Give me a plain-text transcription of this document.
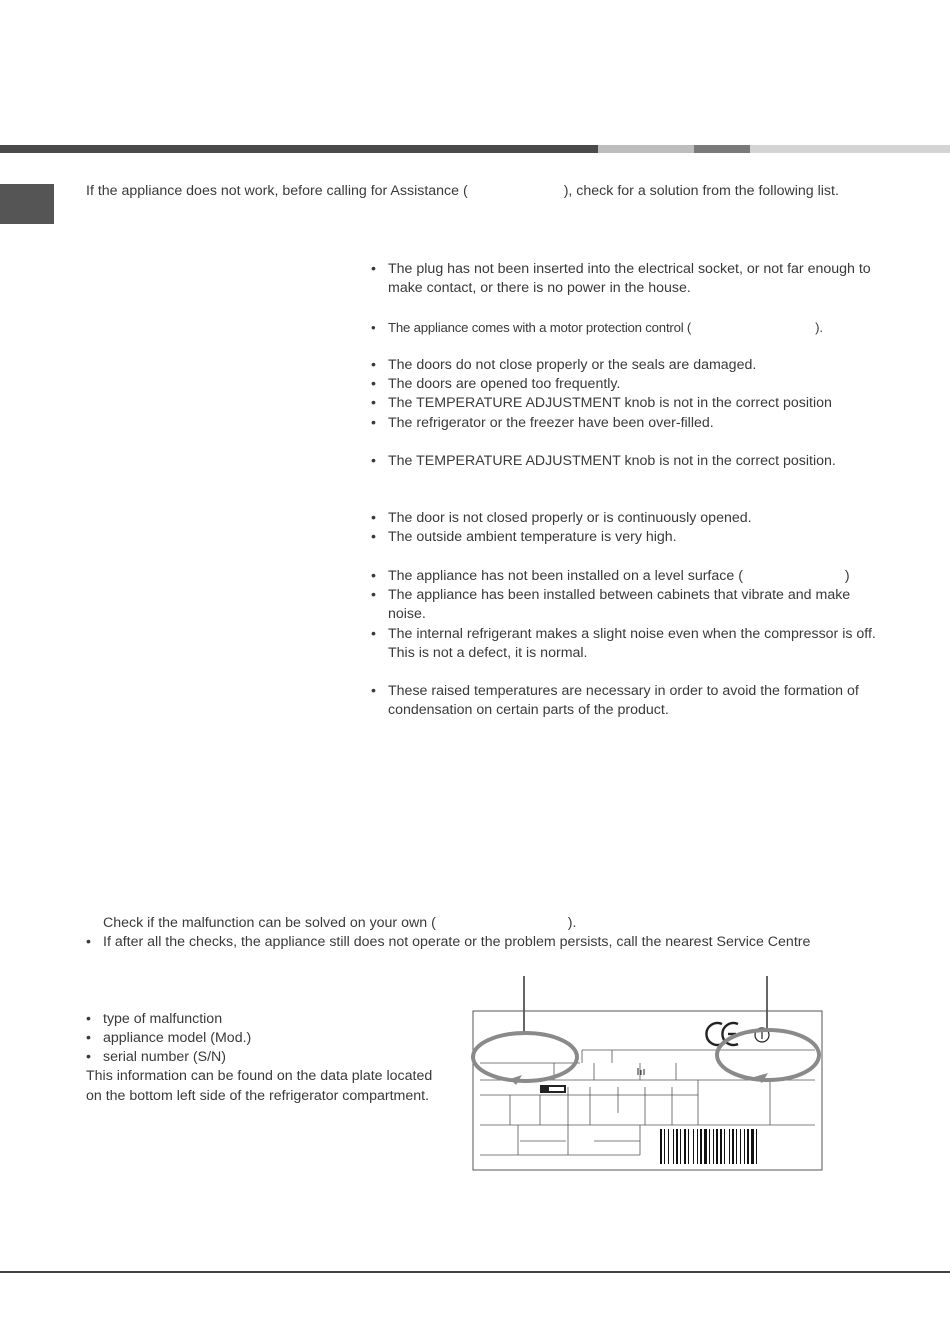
If the appliance does not work, before calling for Assistance (	), check for a solution from the following list.
• The plug has not been inserted into the electrical socket, or not far enough to make contact, or there is no power in the house.
• The appliance comes with a motor protection control (	).
• The doors do not close properly or the seals are damaged.
• The doors are opened too frequently.
• The TEMPERATURE ADJUSTMENT knob is not in the correct position
• The refrigerator or the freezer have been over-filled.
• The TEMPERATURE ADJUSTMENT knob is not in the correct position.
• The door is not closed properly or is continuously opened.
• The outside ambient temperature is very high.
• The appliance has not been installed on a level surface (	)
• The appliance has been installed between cabinets that vibrate and make noise.
• The internal refrigerant makes a slight noise even when the compressor is off. This is not a defect, it is normal.
• These raised temperatures are necessary in order to avoid the formation of condensation on certain parts of the product.
Check if the malfunction can be solved on your own (	).
• If after all the checks, the appliance still does not operate or the problem persists, call the nearest Service Centre
• type of malfunction
• appliance model (Mod.)
• serial number (S/N)
This information can be found on the data plate located
on the bottom left side of the refrigerator compartment.
